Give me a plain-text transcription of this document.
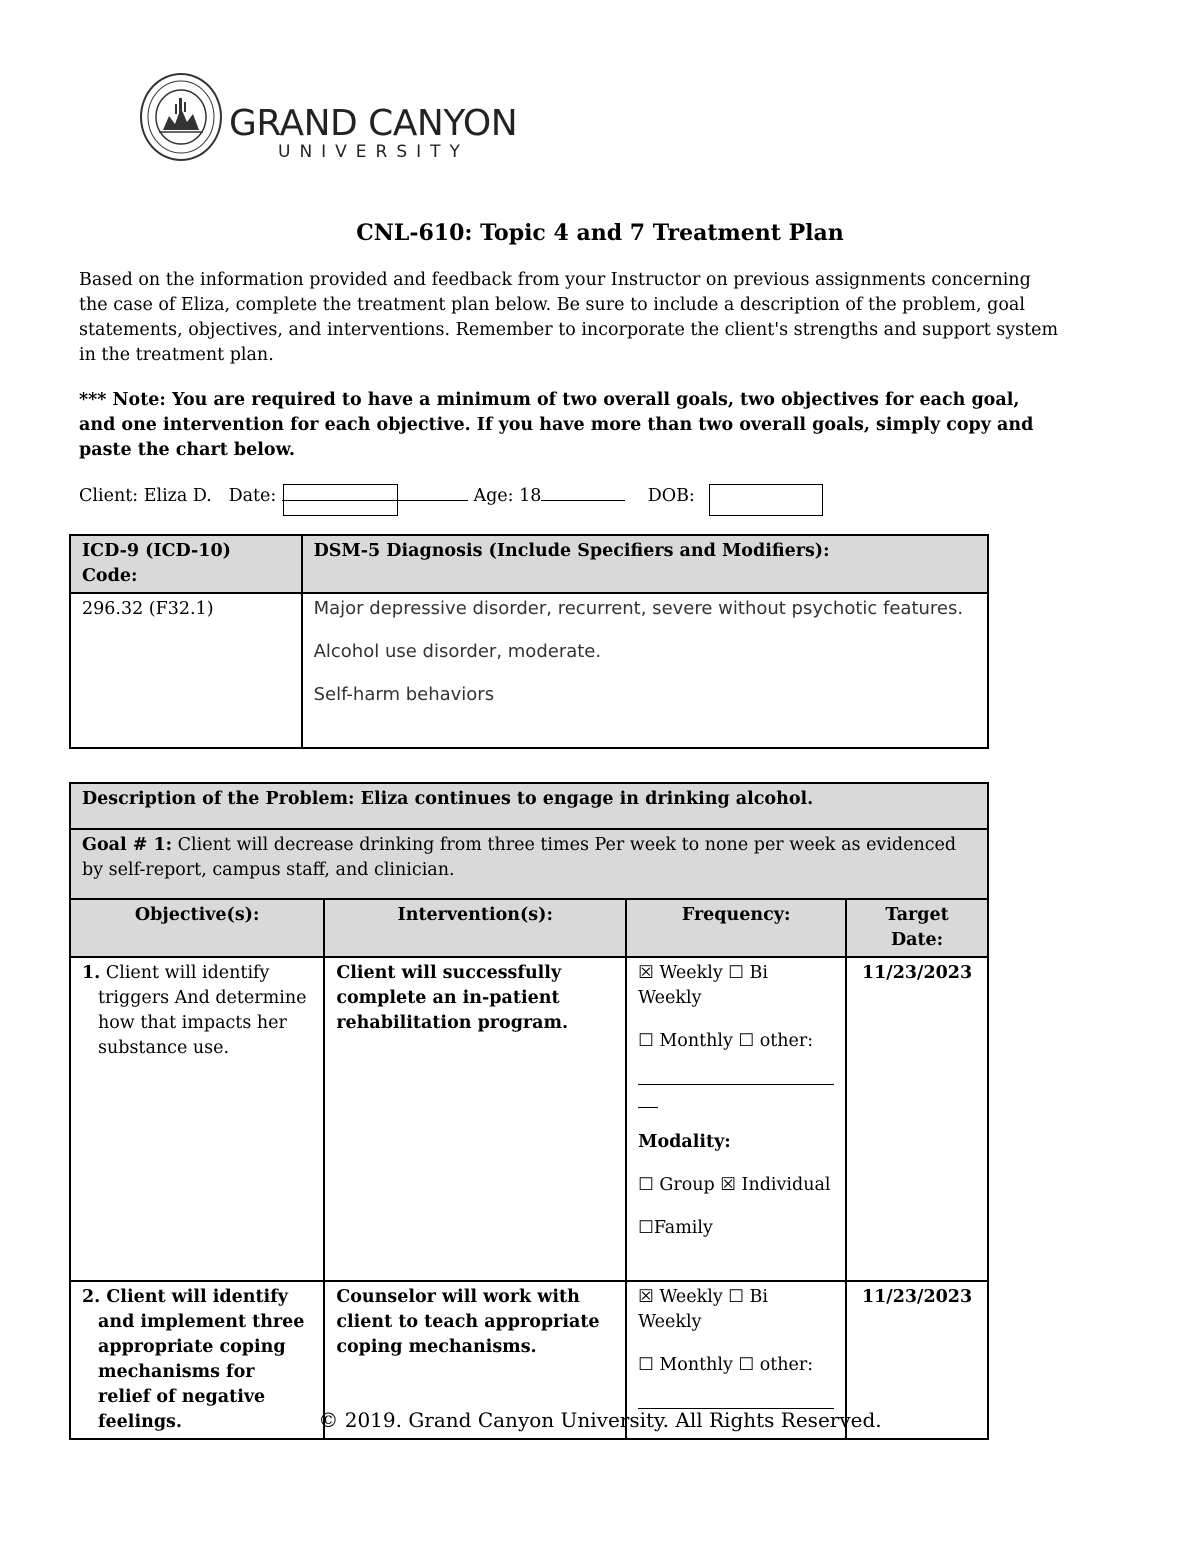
GRAND CANYON
UNIVERSITY
CNL-610: Topic 4 and 7 Treatment Plan
Based on the information provided and feedback from your Instructor on previous assignments concerning the case of Eliza, complete the treatment plan below. Be sure to include a description of the problem, goal statements, objectives, and interventions. Remember to incorporate the client's strengths and support system in the treatment plan.
*** Note: You are required to have a minimum of two overall goals, two objectives for each goal, and one intervention for each objective. If you have more than two overall goals, simply copy and paste the chart below.
Client: Eliza D. Date:	Age: 18	DOB:
ICD-9 (ICD-10) Code:	DSM-5 Diagnosis (Include Specifiers and Modifiers):
296.32 (F32.1)	Major depressive disorder, recurrent, severe without psychotic features.

Alcohol use disorder, moderate.

Self-harm behaviors

Description of the Problem: Eliza continues to engage in drinking alcohol.			
Goal # 1: Client will decrease drinking from three times Per week to none per week as evidenced by self-report, campus staff, and clinician.			
Objective(s):	Intervention(s):	Frequency:	Target Date:

1. Client will identify triggers And determine how that impacts her substance use.	Client will successfully complete an in-patient rehabilitation program.	☒ Weekly ☐ Bi Weekly
☐ Monthly ☐ other:
Modality:
☐ Group ☒ Individual
☐Family	11/23/2023

2. Client will identify and implement three appropriate coping mechanisms for relief of negative feelings.	Counselor will work with client to teach appropriate coping mechanisms.	☒ Weekly ☐ Bi Weekly
☐ Monthly ☐ other:	11/23/2023
© 2019. Grand Canyon University. All Rights Reserved.
